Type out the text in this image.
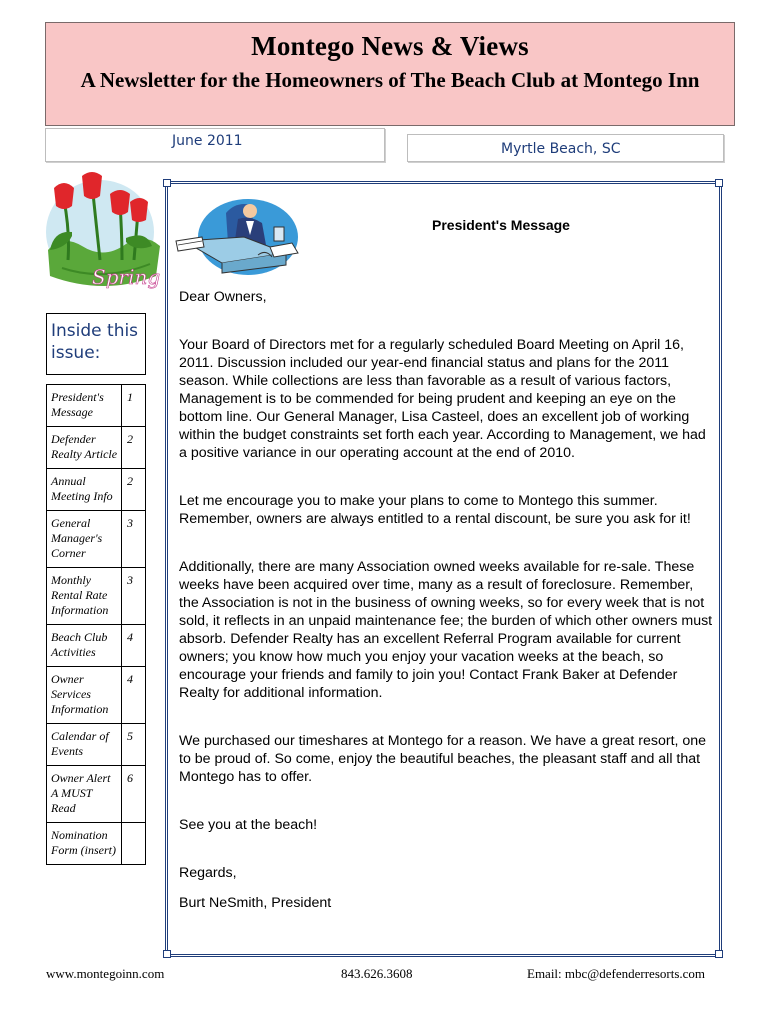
Montego News & Views
A Newsletter for the Homeowners of The Beach Club at Montego Inn
June 2011	Myrtle Beach, SC
Spring
Inside this issue:
President's Message	1
Defender Realty Article	2
Annual Meeting Info	2
General Manager's Corner	3
Monthly Rental Rate Information	3
Beach Club Activities	4
Owner Services Information	4
Calendar of Events	5
Owner Alert A MUST Read	6
Nomination Form (insert)	
President's Message

Dear Owners,

Your Board of Directors met for a regularly scheduled Board Meeting on April 16, 2011. Discussion included our year-end financial status and plans for the 2011 season. While collections are less than favorable as a result of various factors, Management is to be commended for being prudent and keeping an eye on the bottom line. Our General Manager, Lisa Casteel, does an excellent job of working within the budget constraints set forth each year. According to Management, we had a positive variance in our operating account at the end of 2010.

Let me encourage you to make your plans to come to Montego this summer. Remember, owners are always entitled to a rental discount, be sure you ask for it!

Additionally, there are many Association owned weeks available for re-sale. These weeks have been acquired over time, many as a result of foreclosure. Remember, the Association is not in the business of owning weeks, so for every week that is not sold, it reflects in an unpaid maintenance fee; the burden of which other owners must absorb. Defender Realty has an excellent Referral Program available for current owners; you know how much you enjoy your vacation weeks at the beach, so encourage your friends and family to join you! Contact Frank Baker at Defender Realty for additional information.

We purchased our timeshares at Montego for a reason. We have a great resort, one to be proud of. So come, enjoy the beautiful beaches, the pleasant staff and all that Montego has to offer.

See you at the beach!

Regards,

Burt NeSmith, President

www.montegoinn.com	843.626.3608	Email: mbc@defenderresorts.com
